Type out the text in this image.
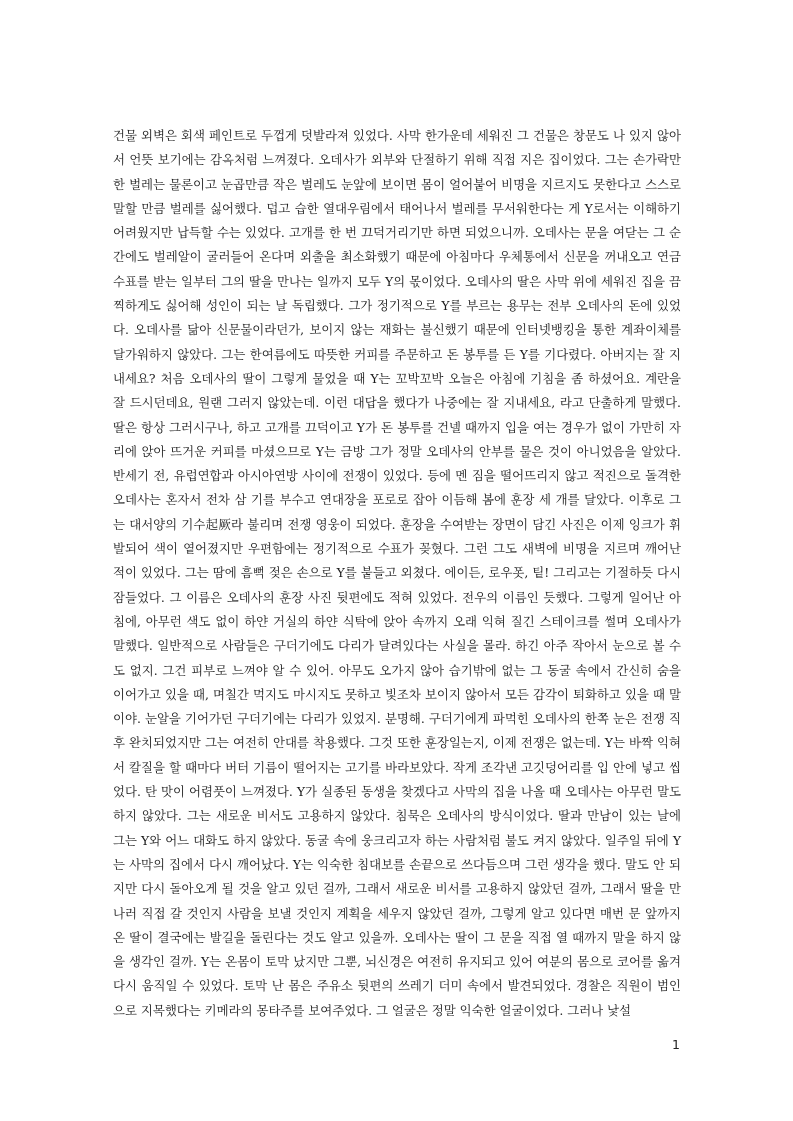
건물 외벽은 회색 페인트로 두껍게 덧발라져 있었다. 사막 한가운데 세워진 그 건물은 창문도 나 있지 않아서 언뜻 보기에는 감옥처럼 느껴졌다. 오데사가 외부와 단절하기 위해 직접 지은 집이었다. 그는 손가락만한 벌레는 물론이고 눈곱만큼 작은 벌레도 눈앞에 보이면 몸이 얼어붙어 비명을 지르지도 못한다고 스스로 말할 만큼 벌레를 싫어했다. 덥고 습한 열대우림에서 태어나서 벌레를 무서워한다는 게 Y로서는 이해하기 어려웠지만 납득할 수는 있었다. 고개를 한 번 끄덕거리기만 하면 되었으니까. 오데사는 문을 여닫는 그 순간에도 벌레알이 굴러들어 온다며 외출을 최소화했기 때문에 아침마다 우체통에서 신문을 꺼내오고 연금 수표를 받는 일부터 그의 딸을 만나는 일까지 모두 Y의 몫이었다. 오데사의 딸은 사막 위에 세워진 집을 끔찍하게도 싫어해 성인이 되는 날 독립했다. 그가 정기적으로 Y를 부르는 용무는 전부 오데사의 돈에 있었다. 오데사를 닮아 신문물이라던가, 보이지 않는 재화는 불신했기 때문에 인터넷뱅킹을 통한 계좌이체를 달가워하지 않았다. 그는 한여름에도 따뜻한 커피를 주문하고 돈 봉투를 든 Y를 기다렸다. 아버지는 잘 지내세요? 처음 오데사의 딸이 그렇게 물었을 때 Y는 꼬박꼬박 오늘은 아침에 기침을 좀 하셨어요. 계란을 잘 드시던데요, 원랜 그러지 않았는데. 이런 대답을 했다가 나중에는 잘 지내세요, 라고 단출하게 말했다. 딸은 항상 그러시구나, 하고 고개를 끄덕이고 Y가 돈 봉투를 건넬 때까지 입을 여는 경우가 없이 가만히 자리에 앉아 뜨거운 커피를 마셨으므로 Y는 금방 그가 정말 오데사의 안부를 물은 것이 아니었음을 알았다. 반세기 전, 유럽연합과 아시아연방 사이에 전쟁이 있었다. 등에 멘 짐을 떨어뜨리지 않고 적진으로 돌격한 오데사는 혼자서 전차 삼 기를 부수고 연대장을 포로로 잡아 이듬해 봄에 훈장 세 개를 달았다. 이후로 그는 대서양의 기수起厥라 불리며 전쟁 영웅이 되었다. 훈장을 수여받는 장면이 담긴 사진은 이제 잉크가 휘발되어 색이 옅어졌지만 우편함에는 정기적으로 수표가 꽂혔다. 그런 그도 새벽에 비명을 지르며 깨어난 적이 있었다. 그는 땀에 흠뻑 젖은 손으로 Y를 붙들고 외쳤다. 에이든, 로우폿, 팉! 그리고는 기절하듯 다시 잠들었다. 그 이름은 오데사의 훈장 사진 뒷편에도 적혀 있었다. 전우의 이름인 듯했다. 그렇게 일어난 아침에, 아무런 색도 없이 하얀 거실의 하얀 식탁에 앉아 속까지 오래 익혀 질긴 스테이크를 썰며 오데사가 말했다. 일반적으로 사람들은 구더기에도 다리가 달려있다는 사실을 몰라. 하긴 아주 작아서 눈으로 볼 수도 없지. 그건 피부로 느껴야 알 수 있어. 아무도 오가지 않아 습기밖에 없는 그 동굴 속에서 간신히 숨을 이어가고 있을 때, 며칠간 먹지도 마시지도 못하고 빛조차 보이지 않아서 모든 감각이 퇴화하고 있을 때 말이야. 눈알을 기어가던 구더기에는 다리가 있었지. 분명해. 구더기에게 파먹힌 오데사의 한쪽 눈은 전쟁 직후 완치되었지만 그는 여전히 안대를 착용했다. 그것 또한 훈장일는지, 이제 전쟁은 없는데. Y는 바짝 익혀서 칼질을 할 때마다 버터 기름이 떨어지는 고기를 바라보았다. 작게 조각낸 고깃덩어리를 입 안에 넣고 씹었다. 탄 맛이 어렴풋이 느껴졌다. Y가 실종된 동생을 찾겠다고 사막의 집을 나올 때 오데사는 아무런 말도 하지 않았다. 그는 새로운 비서도 고용하지 않았다. 침묵은 오데사의 방식이었다. 딸과 만남이 있는 날에 그는 Y와 어느 대화도 하지 않았다. 동굴 속에 웅크리고자 하는 사람처럼 불도 켜지 않았다. 일주일 뒤에 Y는 사막의 집에서 다시 깨어났다. Y는 익숙한 침대보를 손끝으로 쓰다듬으며 그런 생각을 했다. 말도 안 되지만 다시 돌아오게 될 것을 알고 있던 걸까, 그래서 새로운 비서를 고용하지 않았던 걸까, 그래서 딸을 만나러 직접 갈 것인지 사람을 보낼 것인지 계획을 세우지 않았던 걸까, 그렇게 알고 있다면 매번 문 앞까지 온 딸이 결국에는 발길을 돌린다는 것도 알고 있을까. 오데사는 딸이 그 문을 직접 열 때까지 말을 하지 않을 생각인 걸까. Y는 온몸이 토막 났지만 그뿐, 뇌신경은 여전히 유지되고 있어 여분의 몸으로 코어를 옮겨 다시 움직일 수 있었다. 토막 난 몸은 주유소 뒷편의 쓰레기 더미 속에서 발견되었다. 경찰은 직원이 범인으로 지목했다는 키메라의 몽타주를 보여주었다. 그 얼굴은 정말 익숙한 얼굴이었다. 그러나 낯설

1
